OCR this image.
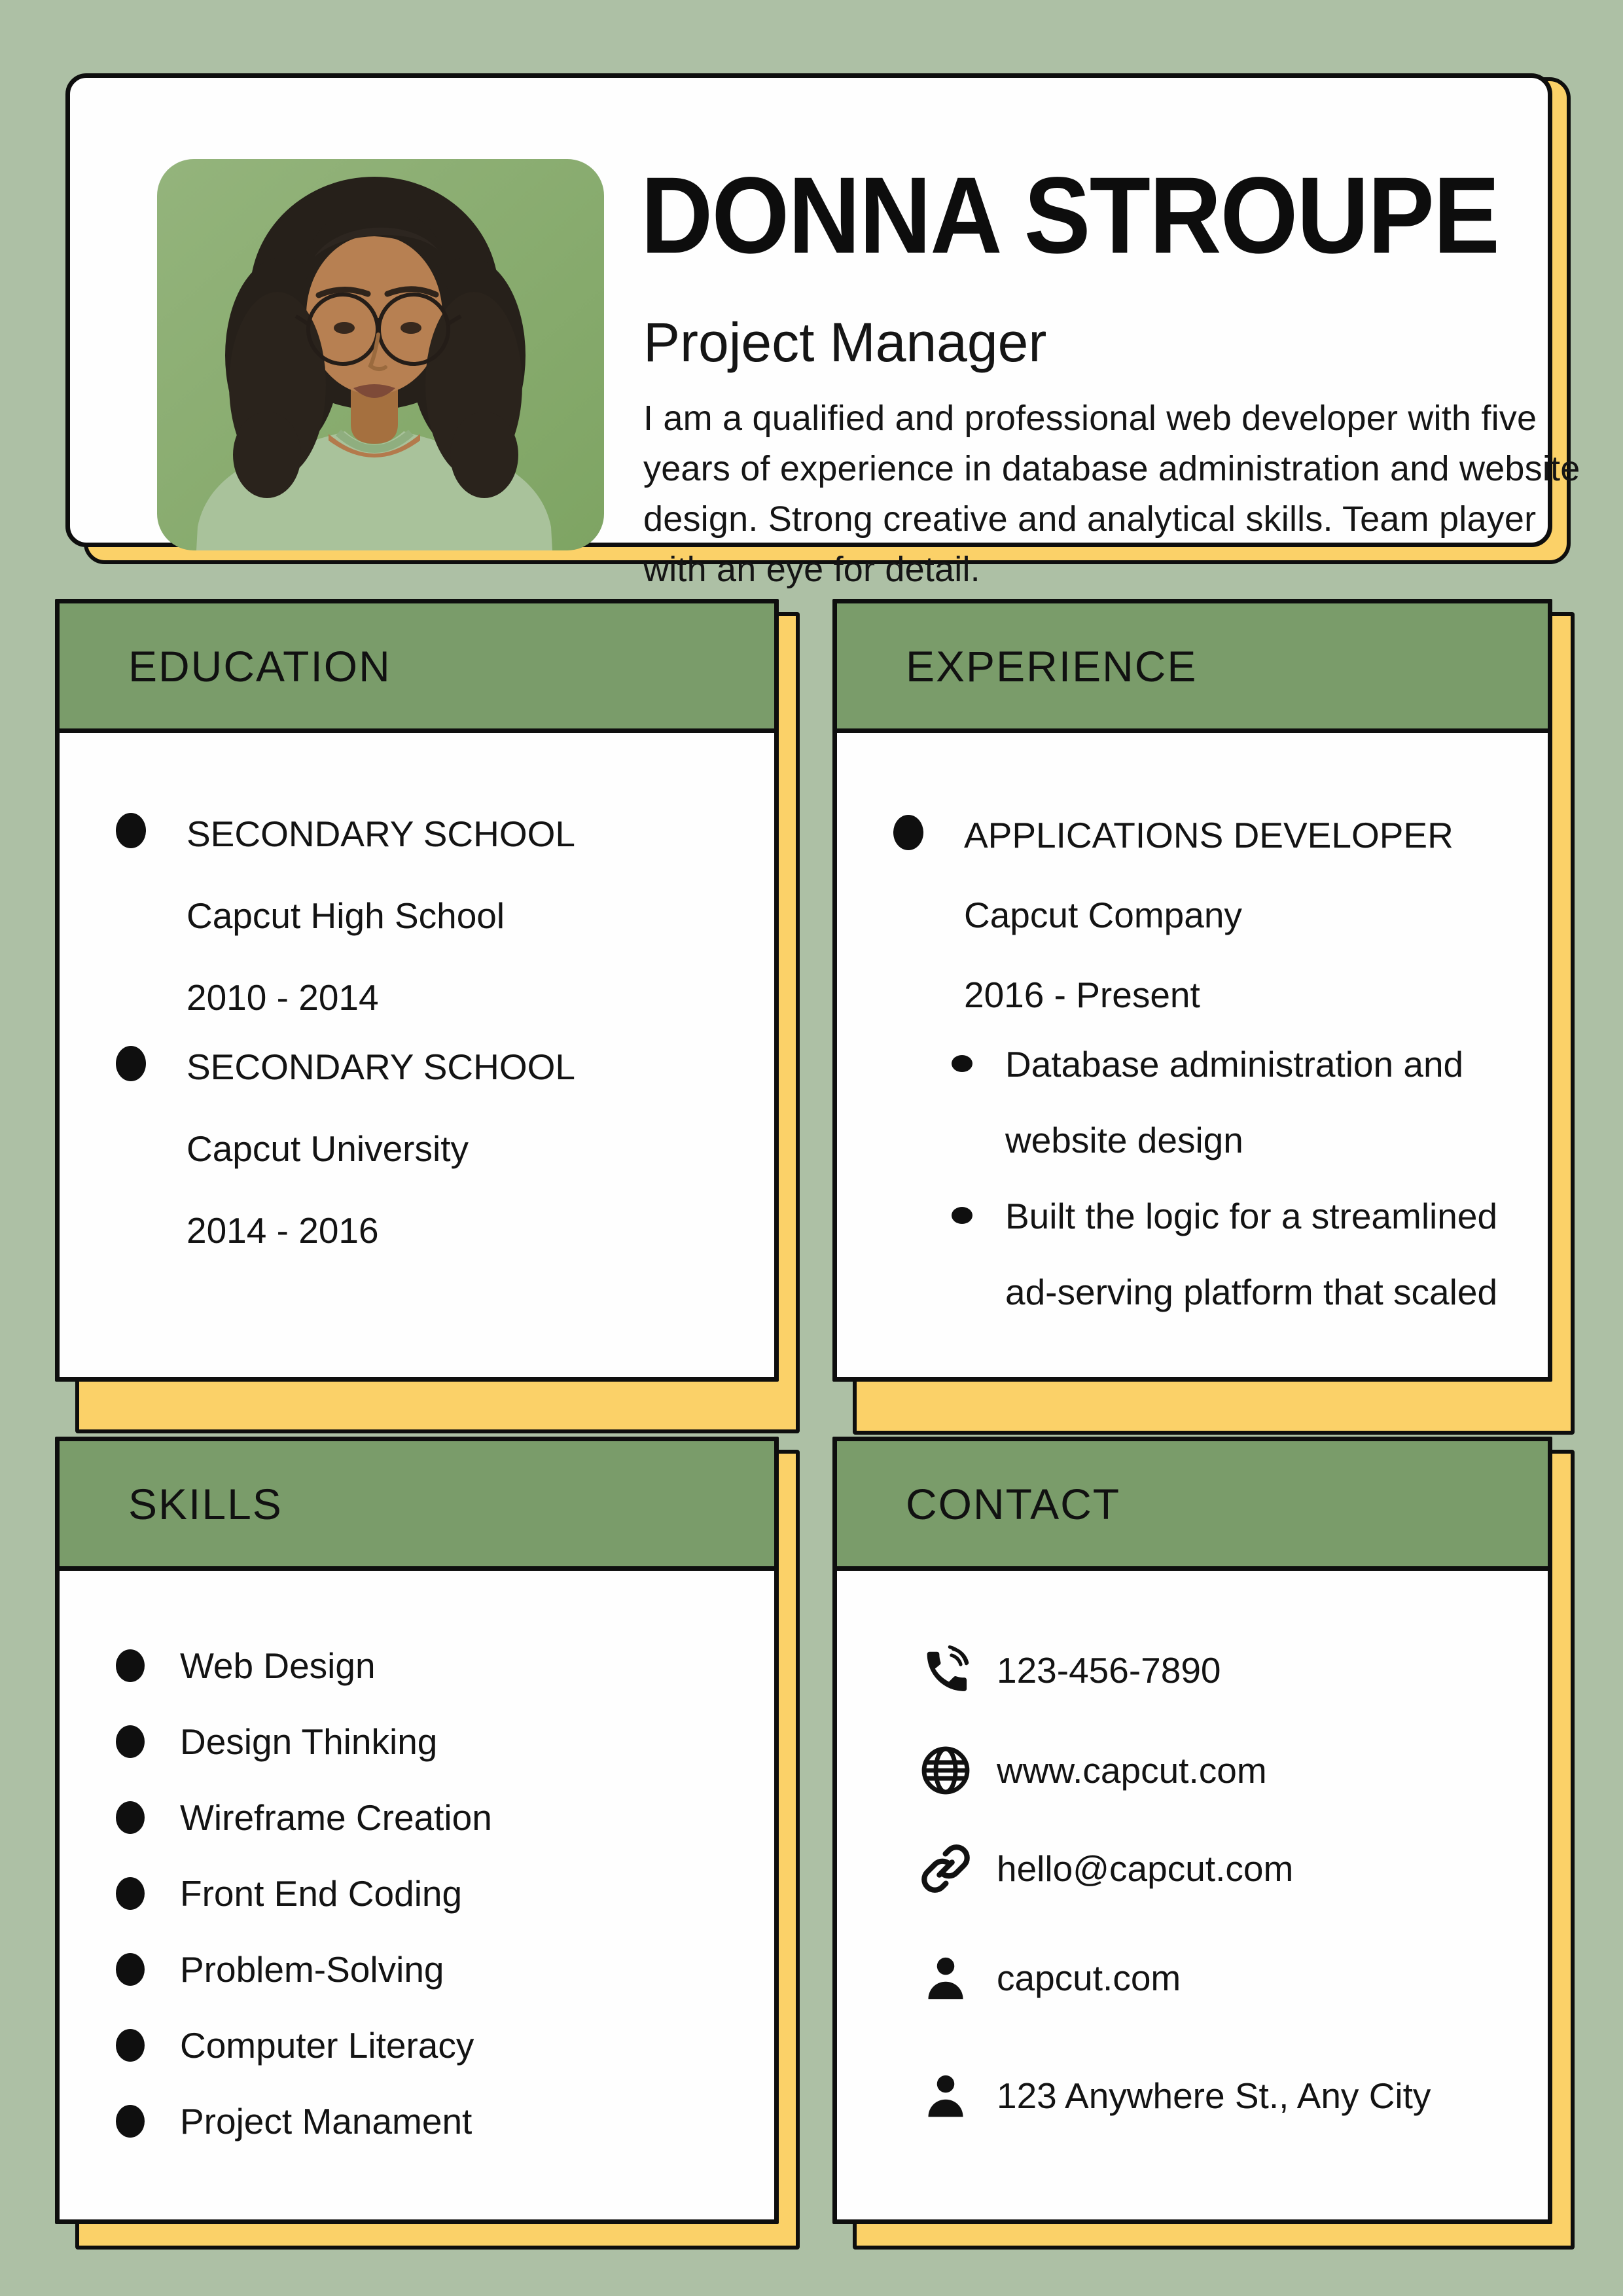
DONNA STROUPE
Project Manager
I am a qualified and professional web developer with five years of experience in database administration and website design. Strong creative and analytical skills. Team player with an eye for detail.
EDUCATION
SECONDARY SCHOOL
Capcut High School
2010 - 2014
SECONDARY SCHOOL
Capcut University
2014 - 2016
EXPERIENCE
APPLICATIONS DEVELOPER
Capcut Company
2016 - Present
Database administration and website design
Built the logic for a streamlined ad-serving platform that scaled
SKILLS
Web Design
Design Thinking
Wireframe Creation
Front End Coding
Problem-Solving
Computer Literacy
Project Manament
CONTACT
123-456-7890
www.capcut.com
hello@capcut.com
capcut.com
123 Anywhere St., Any City
